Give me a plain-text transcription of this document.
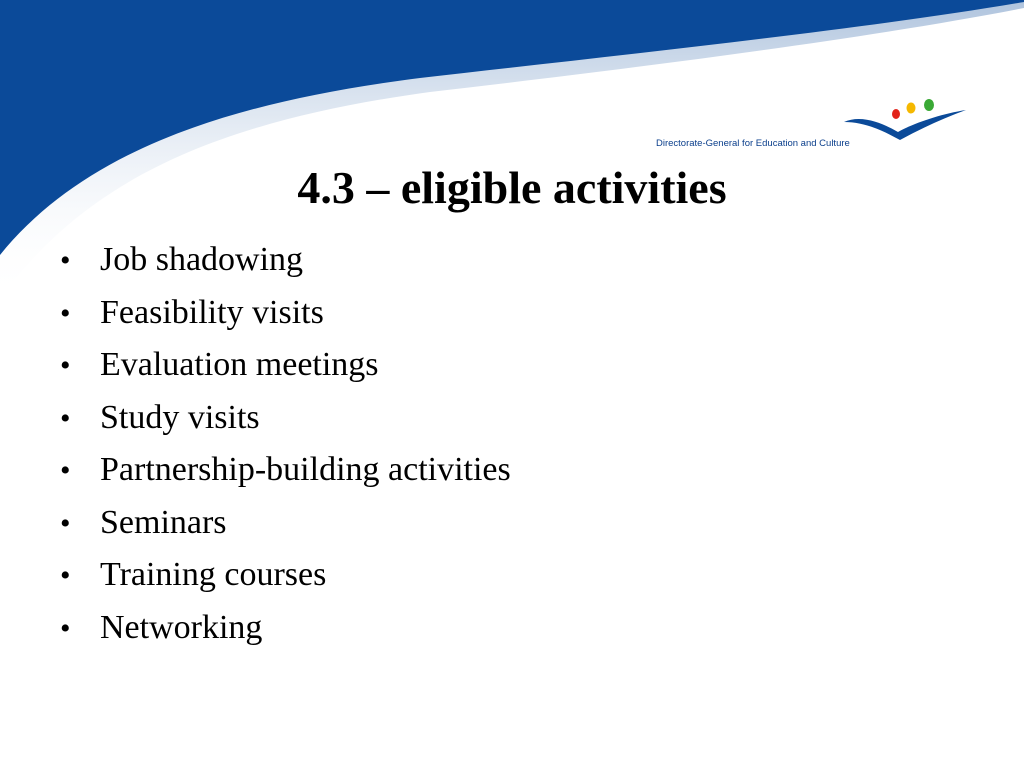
Directorate-General for Education and Culture
4.3 – eligible activities
• Job shadowing
• Feasibility visits
• Evaluation meetings
• Study visits
• Partnership-building activities
• Seminars
• Training courses
• Networking
